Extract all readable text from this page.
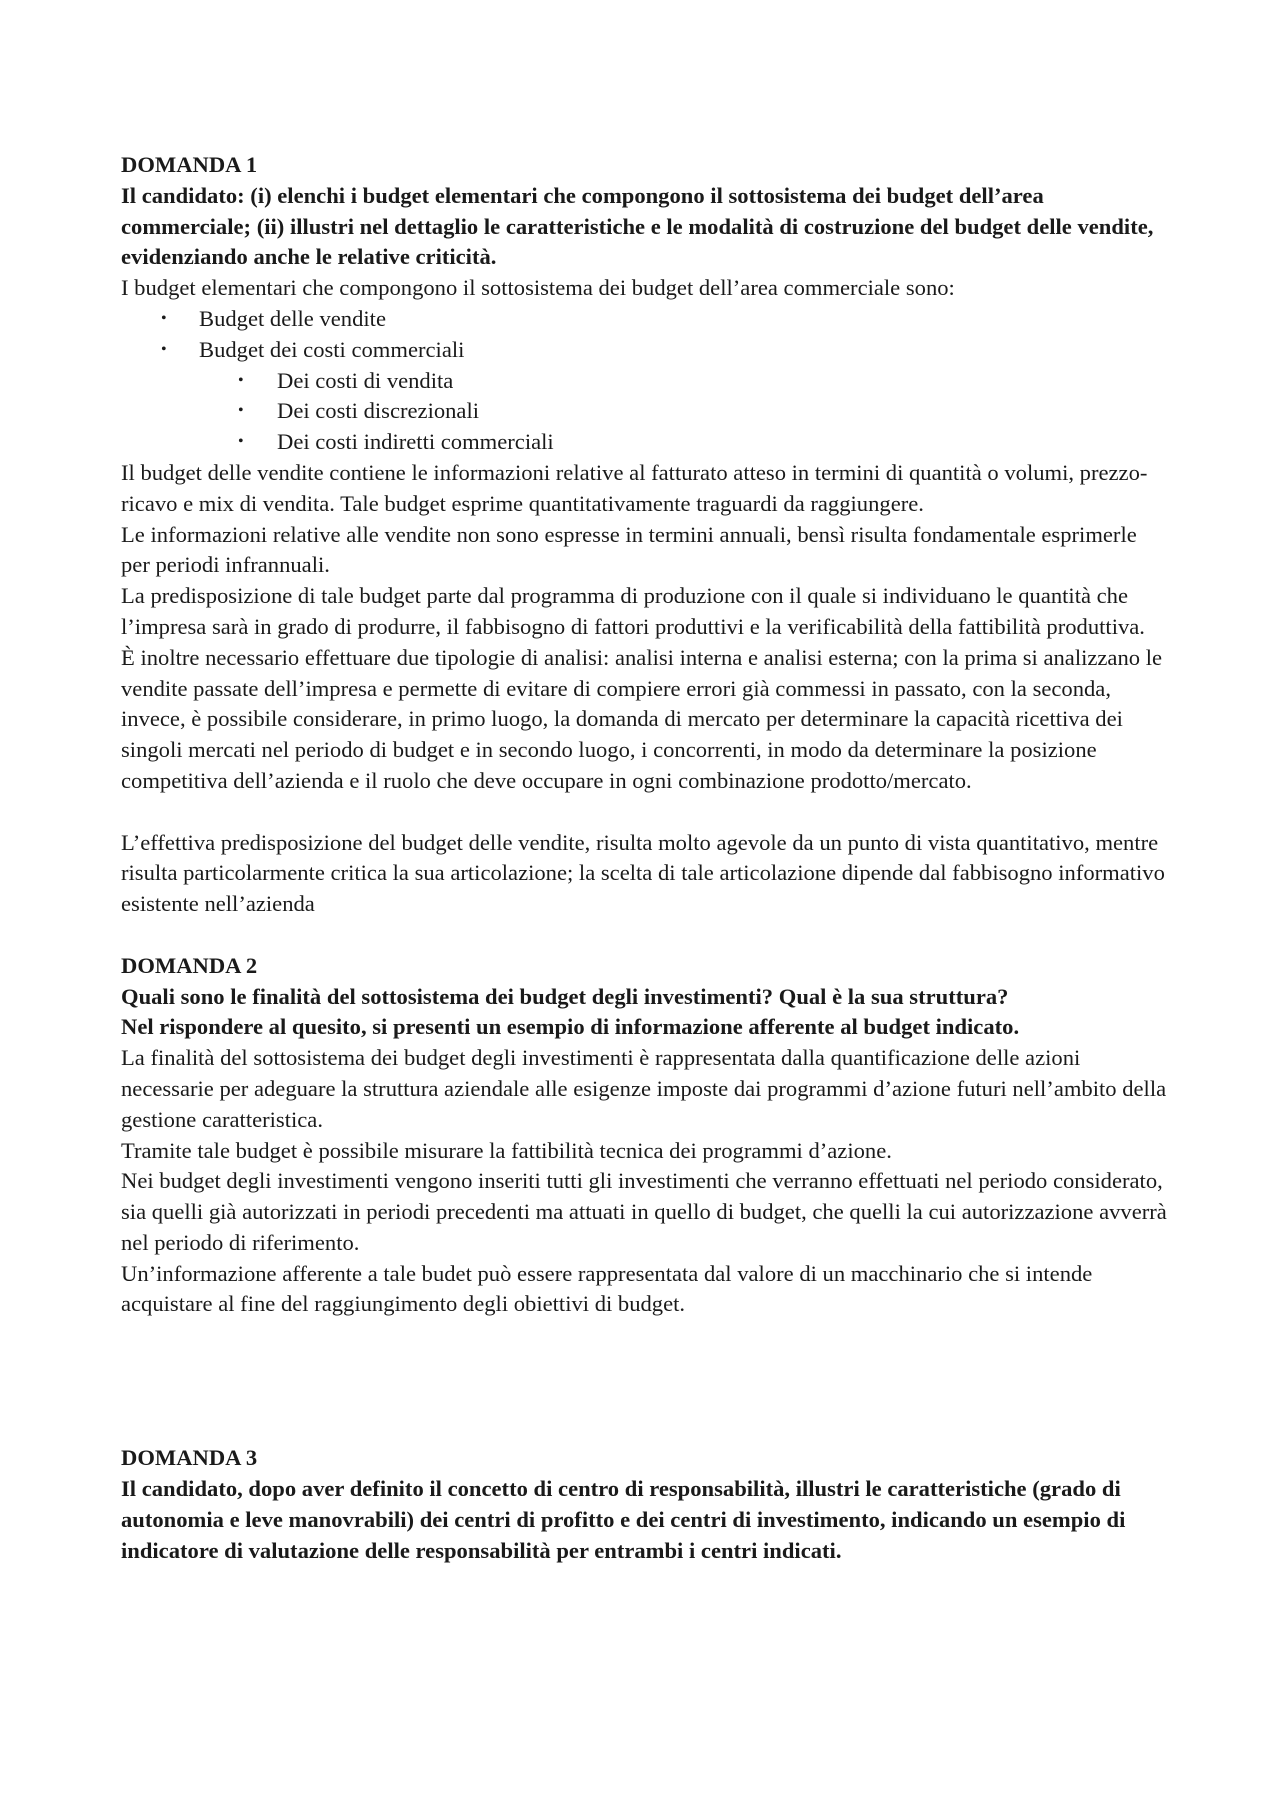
DOMANDA 1

Il candidato: (i) elenchi i budget elementari che compongono il sottosistema dei budget dell’area commerciale; (ii) illustri nel dettaglio le caratteristiche e le modalità di costruzione del budget delle vendite, evidenziando anche le relative criticità.

I budget elementari che compongono il sottosistema dei budget dell’area commerciale sono:

• Budget delle vendite
• Budget dei costi commerciali
• Dei costi di vendita
• Dei costi discrezionali
• Dei costi indiretti commerciali

Il budget delle vendite contiene le informazioni relative al fatturato atteso in termini di quantità o volumi, prezzo-ricavo e mix di vendita. Tale budget esprime quantitativamente traguardi da raggiungere.

Le informazioni relative alle vendite non sono espresse in termini annuali, bensì risulta fondamentale esprimerle per periodi infrannuali.

La predisposizione di tale budget parte dal programma di produzione con il quale si individuano le quantità che l’impresa sarà in grado di produrre, il fabbisogno di fattori produttivi e la verificabilità della fattibilità produttiva.

È inoltre necessario effettuare due tipologie di analisi: analisi interna e analisi esterna; con la prima si analizzano le vendite passate dell’impresa e permette di evitare di compiere errori già commessi in passato, con la seconda, invece, è possibile considerare, in primo luogo, la domanda di mercato per determinare la capacità ricettiva dei singoli mercati nel periodo di budget e in secondo luogo, i concorrenti, in modo da determinare la posizione competitiva dell’azienda e il ruolo che deve occupare in ogni combinazione prodotto/mercato.

L’effettiva predisposizione del budget delle vendite, risulta molto agevole da un punto di vista quantitativo, mentre risulta particolarmente critica la sua articolazione; la scelta di tale articolazione dipende dal fabbisogno informativo esistente nell’azienda

DOMANDA 2

Quali sono le finalità del sottosistema dei budget degli investimenti? Qual è la sua struttura?

Nel rispondere al quesito, si presenti un esempio di informazione afferente al budget indicato.

La finalità del sottosistema dei budget degli investimenti è rappresentata dalla quantificazione delle azioni necessarie per adeguare la struttura aziendale alle esigenze imposte dai programmi d’azione futuri nell’ambito della gestione caratteristica.

Tramite tale budget è possibile misurare la fattibilità tecnica dei programmi d’azione.

Nei budget degli investimenti vengono inseriti tutti gli investimenti che verranno effettuati nel periodo considerato, sia quelli già autorizzati in periodi precedenti ma attuati in quello di budget, che quelli la cui autorizzazione avverrà nel periodo di riferimento.

Un’informazione afferente a tale budet può essere rappresentata dal valore di un macchinario che si intende acquistare al fine del raggiungimento degli obiettivi di budget.

DOMANDA 3

Il candidato, dopo aver definito il concetto di centro di responsabilità, illustri le caratteristiche (grado di autonomia e leve manovrabili) dei centri di profitto e dei centri di investimento, indicando un esempio di indicatore di valutazione delle responsabilità per entrambi i centri indicati.
